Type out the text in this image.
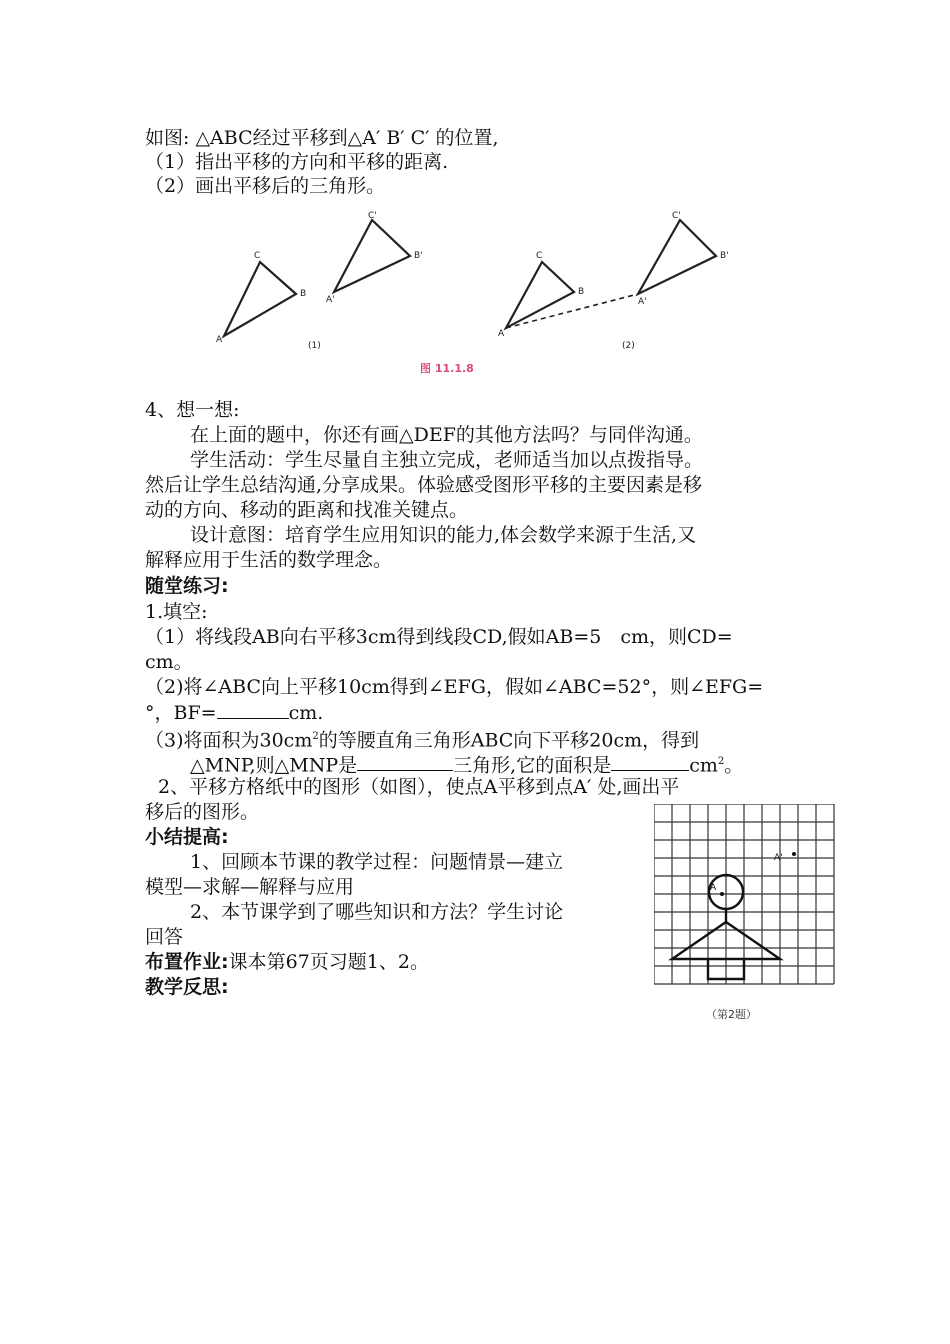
如图: △ABC经过平移到△A′ B′ C′ 的位置,
（1）指出平移的方向和平移的距离.
（2）画出平移后的三角形。
A
C
B
A'
C'
B'
A
C
B
A'
C'
B'
(1)	(2)
图 11.1.8
4、想一想:
在上面的题中，你还有画△DEF的其他方法吗？与同伴沟通。
学生活动：学生尽量自主独立完成，老师适当加以点拨指导。
然后让学生总结沟通,分享成果。体验感受图形平移的主要因素是移
动的方向、移动的距离和找准关键点。
设计意图：培育学生应用知识的能力,体会数学来源于生活,又
解释应用于生活的数学理念。
随堂练习:
1.填空:
（1）将线段AB向右平移3cm得到线段CD,假如AB=5　cm，则CD=
cm。
（2)将∠ABC向上平移10cm得到∠EFG，假如∠ABC=52°，则∠EFG=
°，BF=	cm.
（3)将面积为$30cm^2$的等腰直角三角形ABC向下平移20cm，得到
△MNP,则△MNP是	三角形,它的面积是	$cm^2$。
2、平移方格纸中的图形（如图），使点A平移到点A′ 处,画出平
移后的图形。
小结提高:
1、回顾本节课的教学过程：问题情景—建立
模型—求解—解释与应用
2、本节课学到了哪些知识和方法？学生讨论
回答
布置作业:课本第67页习题1、2。
教学反思:
A
A'
（第2题）
